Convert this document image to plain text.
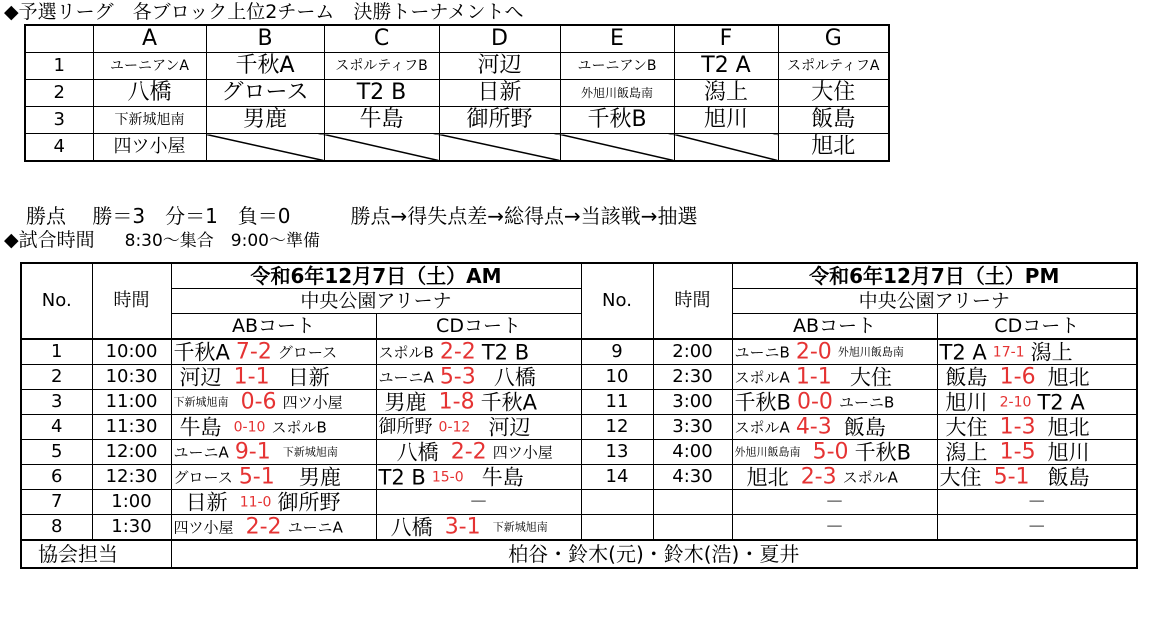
◆予選リーグ　各ブロック上位2チーム　決勝トーナメントへ
	A	B	C	D	E	F	G
1	ユーニアンA	千秋A	スポルティフB	河辺	ユーニアンB	T2 A	スポルティフA
2	八橋	グロース	T2 B	日新	外旭川飯島南	潟上	大住
3	下新城旭南	男鹿	牛島	御所野	千秋B	旭川	飯島
4	四ツ小屋						旭北
勝点　 勝＝3　分＝1　負＝0　　　勝点→得失点差→総得点→当該戦→抽選
◆試合時間 8:30～集合　9:00～準備
No.	時間	令和6年12月7日（土）AM		No.	時間	令和6年12月7日（土）PM	
		中央公園アリーナ				中央公園アリーナ	
		ABコート	CDコート			ABコート	CDコート
1	10:00	千秋A 7-2 グロース	スポルB 2-2 T2 B	9	2:00	ユーニB 2-0 外旭川飯島南	T2 A 17-1 潟上
2	10:30	河辺 1-1 日新	ユーニA 5-3 八橋	10	2:30	スポルA 1-1 大住	飯島 1-6 旭北
3	11:00	下新城旭南 0-6 四ツ小屋	男鹿 1-8 千秋A	11	3:00	千秋B 0-0 ユーニB	旭川 2-10 T2 A
4	11:30	牛島 0-10 スポルB	御所野 0-12 河辺	12	3:30	スポルA 4-3 飯島	大住 1-3 旭北
5	12:00	ユーニA 9-1 下新城旭南	八橋 2-2 四ツ小屋	13	4:00	外旭川飯島南 5-0 千秋B	潟上 1-5 旭川
6	12:30	グロース 5-1 男鹿	T2 B 15-0 牛島	14	4:30	旭北 2-3 スポルA	大住 5-1 飯島
7	1:00	日新 11-0 御所野	－			－	－
8	1:30	四ツ小屋 2-2 ユーニA	八橋 3-1 下新城旭南			－	－
協会担当		柏谷・鈴木(元)・鈴木(浩)・夏井					
